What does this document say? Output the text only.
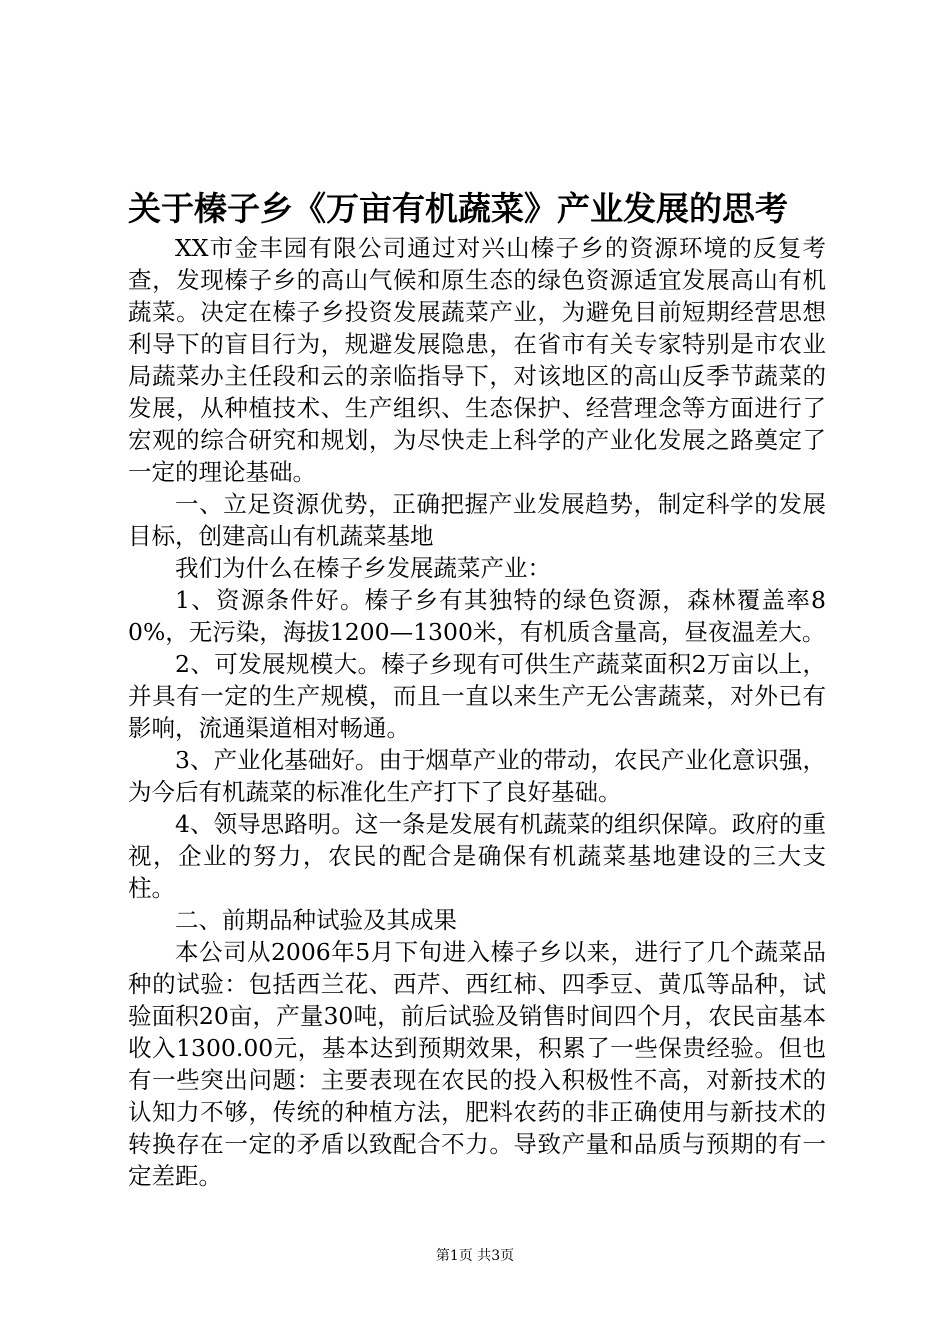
关于榛子乡《万亩有机蔬菜》产业发展的思考

XX市金丰园有限公司通过对兴山榛子乡的资源环境的反复考查，发现榛子乡的高山气候和原生态的绿色资源适宜发展高山有机蔬菜。决定在榛子乡投资发展蔬菜产业，为避免目前短期经营思想利导下的盲目行为，规避发展隐患，在省市有关专家特别是市农业局蔬菜办主任段和云的亲临指导下，对该地区的高山反季节蔬菜的发展，从种植技术、生产组织、生态保护、经营理念等方面进行了宏观的综合研究和规划，为尽快走上科学的产业化发展之路奠定了一定的理论基础。

一、立足资源优势，正确把握产业发展趋势，制定科学的发展目标，创建高山有机蔬菜基地

我们为什么在榛子乡发展蔬菜产业：

1、资源条件好。榛子乡有其独特的绿色资源，森林覆盖率80%，无污染，海拔1200—1300米，有机质含量高，昼夜温差大。

2、可发展规模大。榛子乡现有可供生产蔬菜面积2万亩以上，并具有一定的生产规模，而且一直以来生产无公害蔬菜，对外已有影响，流通渠道相对畅通。

3、产业化基础好。由于烟草产业的带动，农民产业化意识强，为今后有机蔬菜的标准化生产打下了良好基础。

4、领导思路明。这一条是发展有机蔬菜的组织保障。政府的重视，企业的努力，农民的配合是确保有机蔬菜基地建设的三大支柱。

二、前期品种试验及其成果

本公司从2006年5月下旬进入榛子乡以来，进行了几个蔬菜品种的试验：包括西兰花、西芹、西红柿、四季豆、黄瓜等品种，试验面积20亩，产量30吨，前后试验及销售时间四个月，农民亩基本收入1300.00元，基本达到预期效果，积累了一些保贵经验。但也有一些突出问题：主要表现在农民的投入积极性不高，对新技术的认知力不够，传统的种植方法，肥料农药的非正确使用与新技术的转换存在一定的矛盾以致配合不力。导致产量和品质与预期的有一定差距。

第1页 共3页
